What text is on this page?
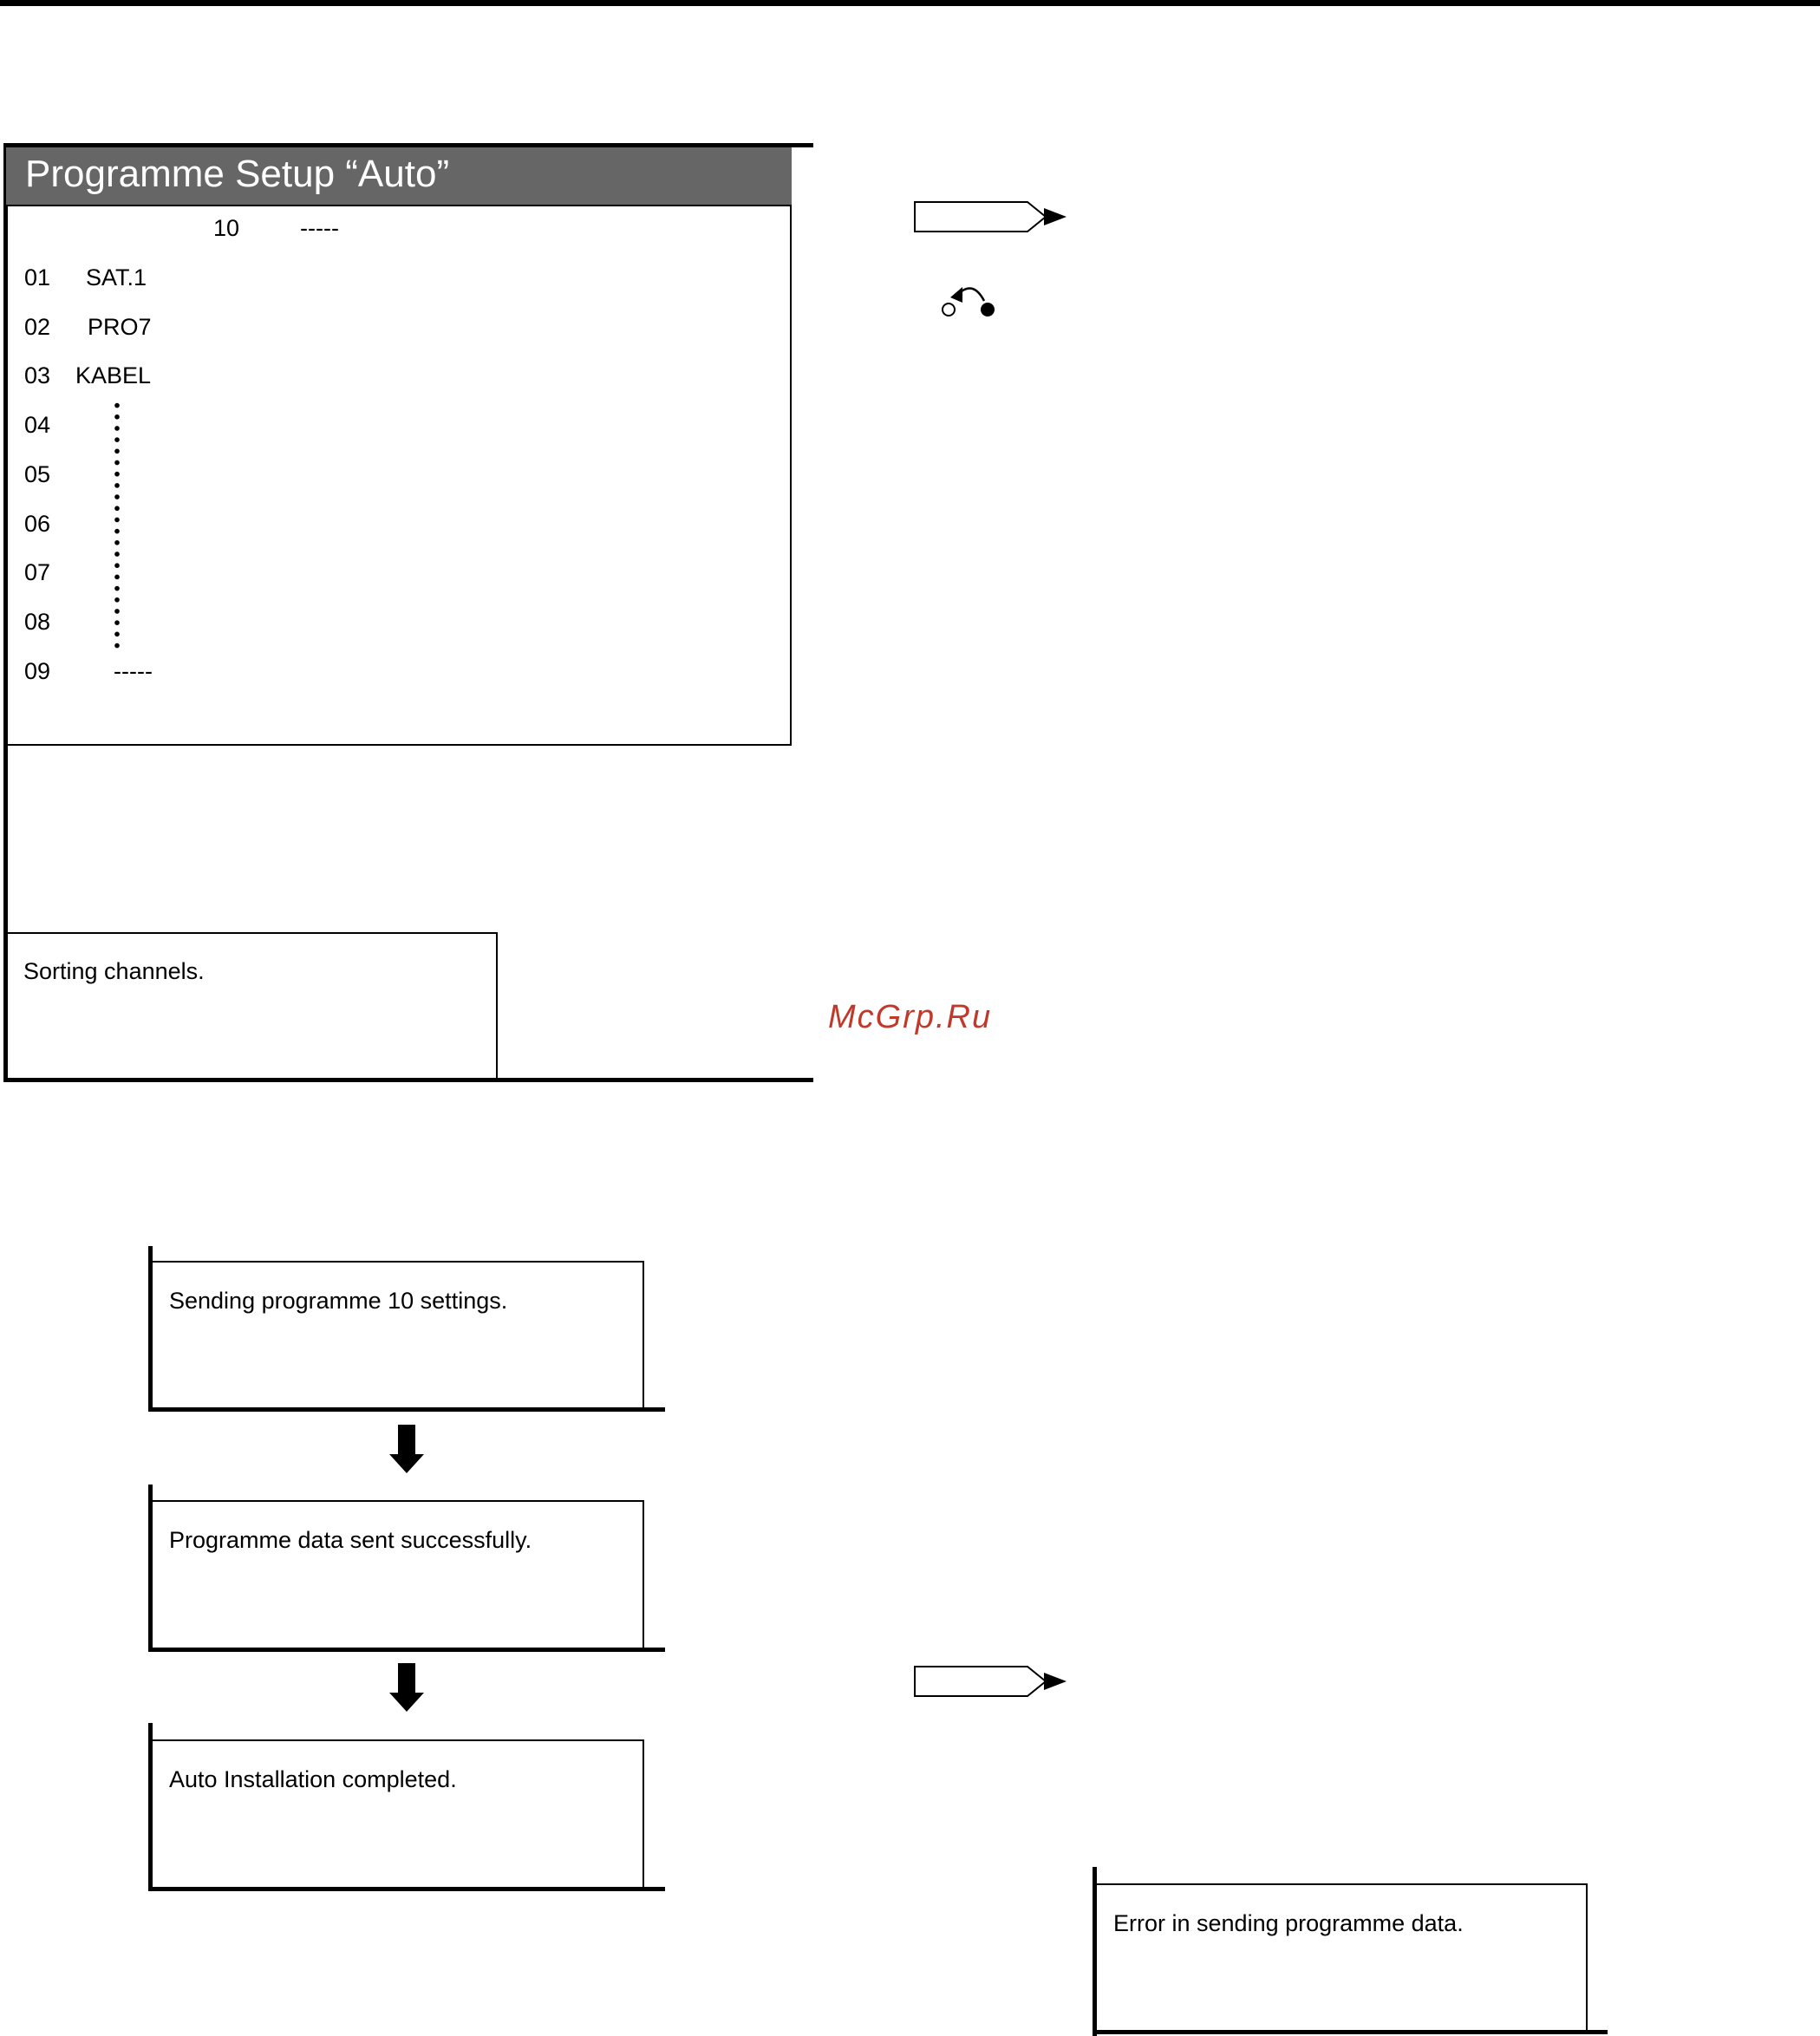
Programme Setup “Auto”
10	-----
01 SAT.1
02 PRO7
03 KABEL
04
05
06
07
08
09	-----
Sorting channels.
Sending programme 10 settings.
Programme data sent successfully.
Auto Installation completed.
Error in sending programme data.
McGrp.Ru
